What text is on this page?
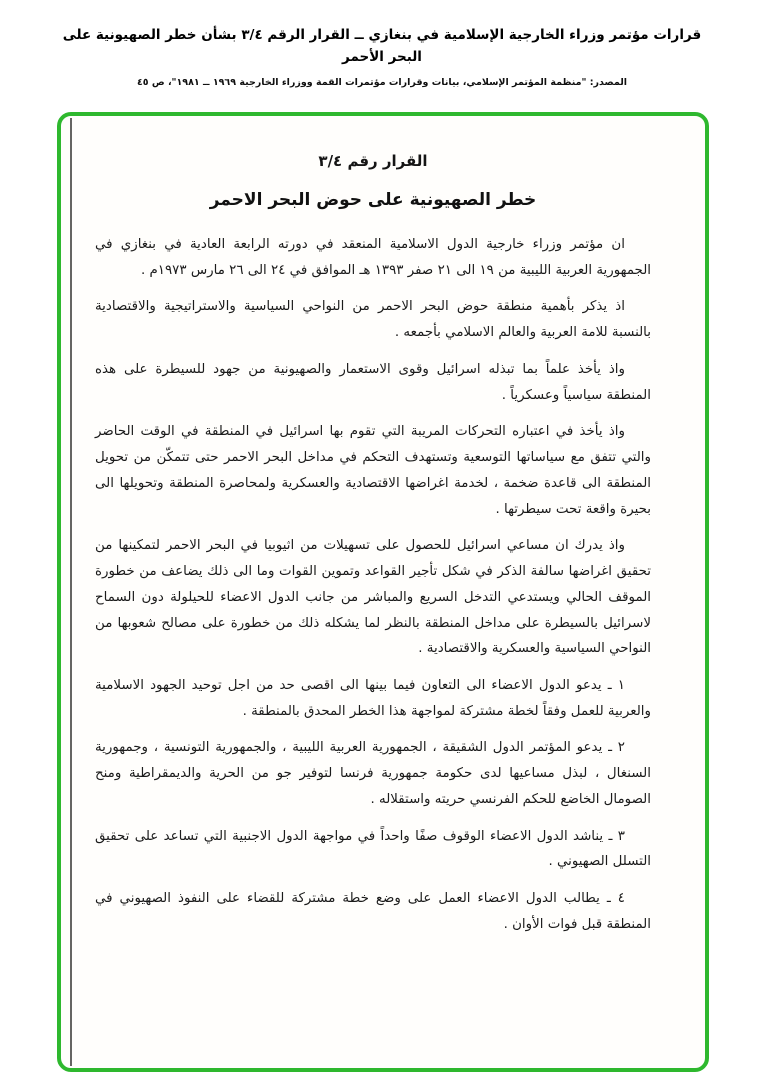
قرارات مؤتمر وزراء الخارجية الإسلامية في بنغازي ــ القرار الرقم ٣/٤ بشأن خطر الصهيونية على البحر الأحمر
المصدر: "منظمة المؤتمر الإسلامي، بيانات وقرارات مؤتمرات القمة ووزراء الخارجية ١٩٦٩ ــ ١٩٨١"، ص ٤٥
القرار رقم ٣/٤
خطر الصهيونية على حوض البحر الاحمر

ان مؤتمر وزراء خارجية الدول الاسلامية المنعقد في دورته الرابعة العادية في بنغازي في الجمهورية العربية الليبية من ١٩ الى ٢١ صفر ١٣٩٣ هـ الموافق في ٢٤ الى ٢٦ مارس ١٩٧٣م .

اذ يذكر بأهمية منطقة حوض البحر الاحمر من النواحي السياسية والاستراتيجية والاقتصادية بالنسبة للامة العربية والعالم الاسلامي بأجمعه .

واذ يأخذ علماً بما تبذله اسرائيل وقوى الاستعمار والصهيونية من جهود للسيطرة على هذه المنطقة سياسياً وعسكرياً .

واذ يأخذ في اعتباره التحركات المريبة التي تقوم بها اسرائيل في المنطقة في الوقت الحاضر والتي تتفق مع سياساتها التوسعية وتستهدف التحكم في مداخل البحر الاحمر حتى تتمكّن من تحويل المنطقة الى قاعدة ضخمة ، لخدمة اغراضها الاقتصادية والعسكرية ولمحاصرة المنطقة وتحويلها الى بحيرة واقعة تحت سيطرتها .

واذ يدرك ان مساعي اسرائيل للحصول على تسهيلات من اثيوبيا في البحر الاحمر لتمكينها من تحقيق اغراضها سالفة الذكر في شكل تأجير القواعد وتموين القوات وما الى ذلك يضاعف من خطورة الموقف الحالي ويستدعي التدخل السريع والمباشر من جانب الدول الاعضاء للحيلولة دون السماح لاسرائيل بالسيطرة على مداخل المنطقة بالنظر لما يشكله ذلك من خطورة على مصالح شعوبها من النواحي السياسية والعسكرية والاقتصادية .

١ ـ يدعو الدول الاعضاء الى التعاون فيما بينها الى اقصى حد من اجل توحيد الجهود الاسلامية والعربية للعمل وفقاً لخطة مشتركة لمواجهة هذا الخطر المحدق بالمنطقة .

٢ ـ يدعو المؤتمر الدول الشقيقة ، الجمهورية العربية الليبية ، والجمهورية التونسية ، وجمهورية السنغال ، لبذل مساعيها لدى حكومة جمهورية فرنسا لتوفير جو من الحرية والديمقراطية ومنح الصومال الخاضع للحكم الفرنسي حريته واستقلاله .

٣ ـ يناشد الدول الاعضاء الوقوف صفًا واحداً في مواجهة الدول الاجنبية التي تساعد على تحقيق التسلل الصهيوني .

٤ ـ يطالب الدول الاعضاء العمل على وضع خطة مشتركة للقضاء على النفوذ الصهيوني في المنطقة قبل فوات الأوان .
